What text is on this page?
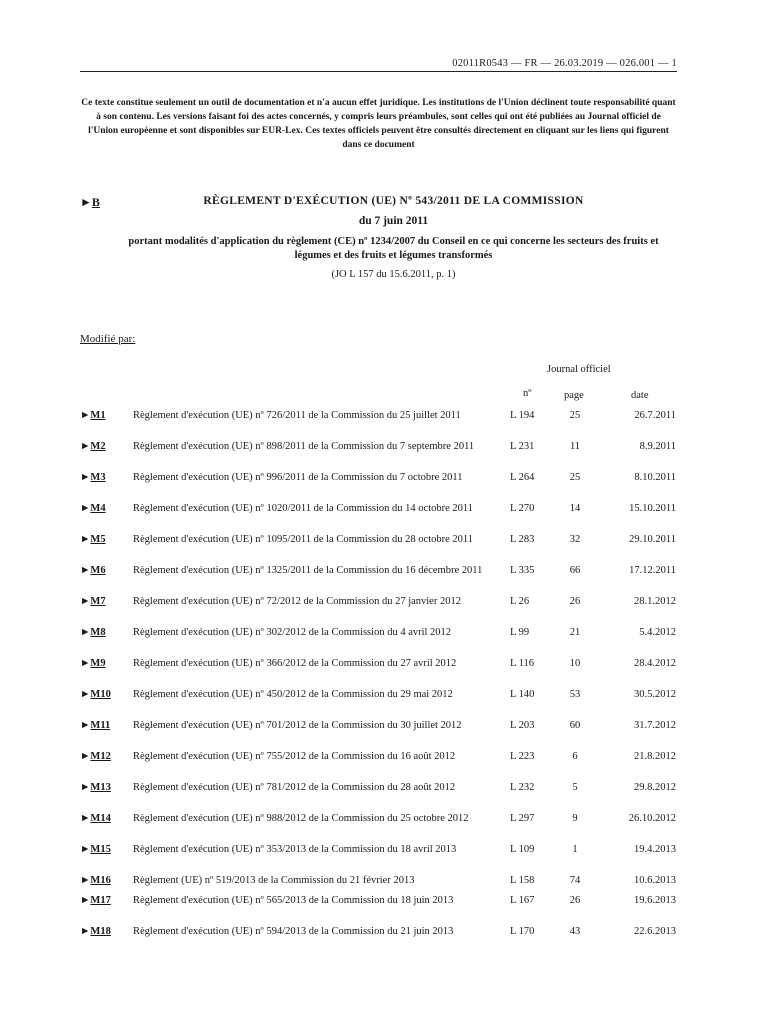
02011R0543 — FR — 26.03.2019 — 026.001 — 1
Ce texte constitue seulement un outil de documentation et n'a aucun effet juridique. Les institutions de l'Union déclinent toute responsabilité quant à son contenu. Les versions faisant foi des actes concernés, y compris leurs préambules, sont celles qui ont été publiées au Journal officiel de l'Union européenne et sont disponibles sur EUR-Lex. Ces textes officiels peuvent être consultés directement en cliquant sur les liens qui figurent dans ce document
►B	RÈGLEMENT D'EXÉCUTION (UE) Nº 543/2011 DE LA COMMISSION
du 7 juin 2011
portant modalités d'application du règlement (CE) nº 1234/2007 du Conseil en ce qui concerne les secteurs des fruits et légumes et des fruits et légumes transformés
(JO L 157 du 15.6.2011, p. 1)
Modifié par:
Journal officiel
nº	page	date
►M1	Règlement d'exécution (UE) nº 726/2011 de la Commission du 25 juillet 2011	L 194	25	26.7.2011
►M2	Règlement d'exécution (UE) nº 898/2011 de la Commission du 7 septembre 2011	L 231	11	8.9.2011
►M3	Règlement d'exécution (UE) nº 996/2011 de la Commission du 7 octobre 2011	L 264	25	8.10.2011
►M4	Règlement d'exécution (UE) nº 1020/2011 de la Commission du 14 octobre 2011	L 270	14	15.10.2011
►M5	Règlement d'exécution (UE) nº 1095/2011 de la Commission du 28 octobre 2011	L 283	32	29.10.2011
►M6	Règlement d'exécution (UE) nº 1325/2011 de la Commission du 16 décembre 2011	L 335	66	17.12.2011
►M7	Règlement d'exécution (UE) nº 72/2012 de la Commission du 27 janvier 2012	L 26	26	28.1.2012
►M8	Règlement d'exécution (UE) nº 302/2012 de la Commission du 4 avril 2012	L 99	21	5.4.2012
►M9	Règlement d'exécution (UE) nº 366/2012 de la Commission du 27 avril 2012	L 116	10	28.4.2012
►M10 Règlement d'exécution (UE) nº 450/2012 de la Commission du 29 mai 2012	L 140	53	30.5.2012
►M11 Règlement d'exécution (UE) nº 701/2012 de la Commission du 30 juillet 2012	L 203	60	31.7.2012
►M12 Règlement d'exécution (UE) nº 755/2012 de la Commission du 16 août 2012	L 223	6	21.8.2012
►M13 Règlement d'exécution (UE) nº 781/2012 de la Commission du 28 août 2012	L 232	5	29.8.2012
►M14 Règlement d'exécution (UE) nº 988/2012 de la Commission du 25 octobre 2012	L 297	9	26.10.2012
►M15 Règlement d'exécution (UE) nº 353/2013 de la Commission du 18 avril 2013	L 109	1	19.4.2013
►M16 Règlement (UE) nº 519/2013 de la Commission du 21 février 2013	L 158	74	10.6.2013
►M17 Règlement d'exécution (UE) nº 565/2013 de la Commission du 18 juin 2013	L 167	26	19.6.2013
►M18 Règlement d'exécution (UE) nº 594/2013 de la Commission du 21 juin 2013	L 170	43	22.6.2013
